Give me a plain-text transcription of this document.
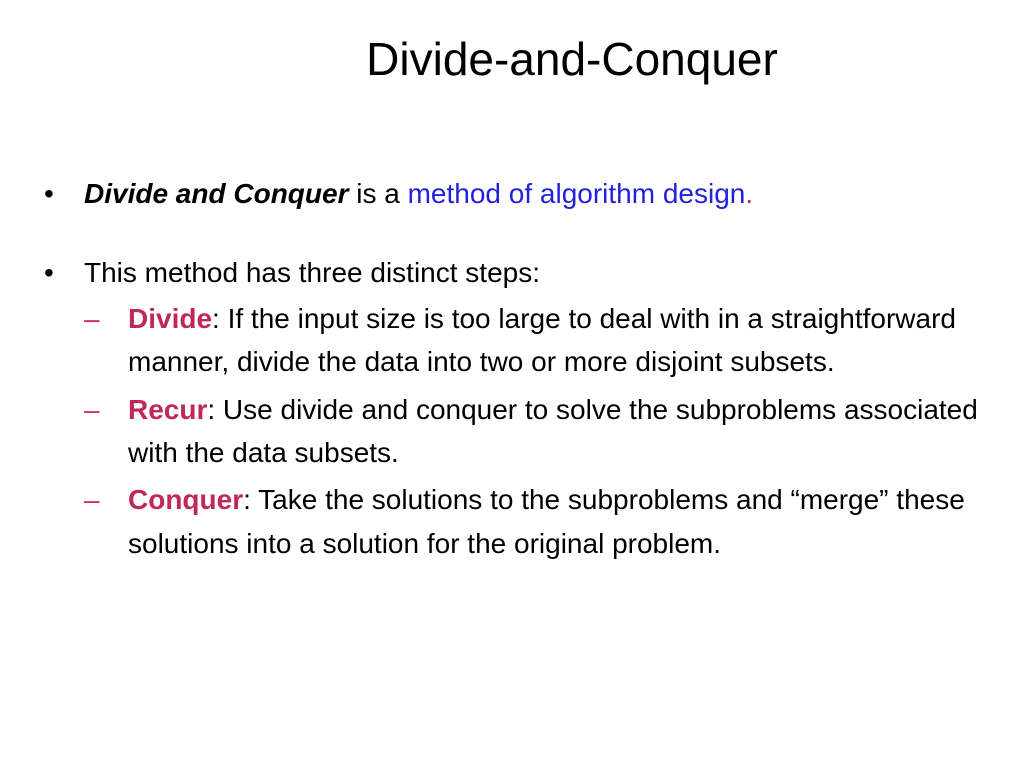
Divide-and-Conquer
•	Divide and Conquer is a method of algorithm design.
•	This method has three distinct steps:
–	Divide: If the input size is too large to deal with in a straightforward manner, divide the data into two or more disjoint subsets.
–	Recur: Use divide and conquer to solve the subproblems associated with the data subsets.
–	Conquer: Take the solutions to the subproblems and “merge” these solutions into a solution for the original problem.
